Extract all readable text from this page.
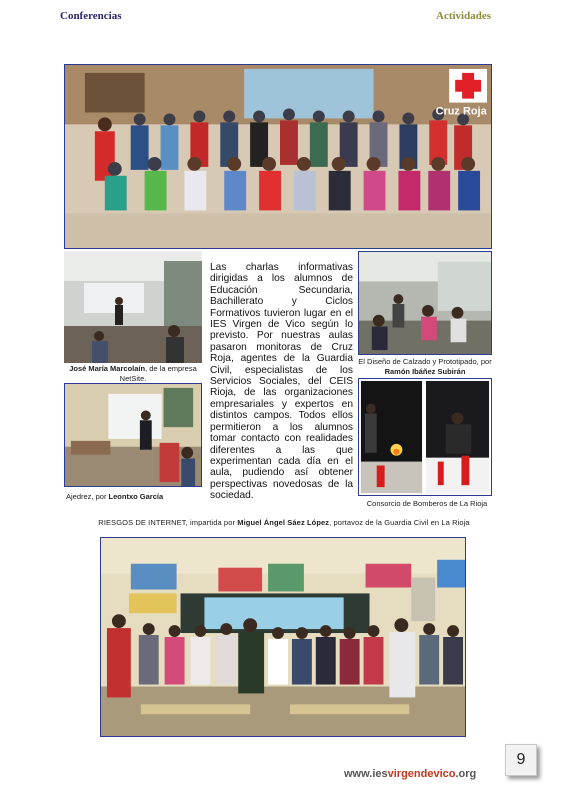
Conferencias	Actividades
Cruz Roja
José María Marcolaín, de la empresa NetSite.
Ajedrez, por Leontxo García
Las charlas informativas dirigidas a los alumnos de Educación Secundaria, Bachillerato y Ciclos Formativos tuvieron lugar en el IES Virgen de Vico según lo previsto. Por nuestras aulas pasaron monitoras de Cruz Roja, agentes de la Guardia Civil, especialistas de los Servicios Sociales, del CEIS Rioja, de las organizaciones empresariales y expertos en distintos campos. Todos ellos permitieron a los alumnos tomar contacto con realidades diferentes a las que experimentan cada día en el aula, pudiendo así obtener perspectivas novedosas de la sociedad.
El Diseño de Calzado y Prototipado, por Ramón Ibáñez Subirán
Consorcio de Bomberos de La Rioja
RIESGOS DE INTERNET, impartida por Miguel Ángel Sáez López, portavoz de la Guardia Civil en La Rioja
www.iesvirgendevico.org
9
